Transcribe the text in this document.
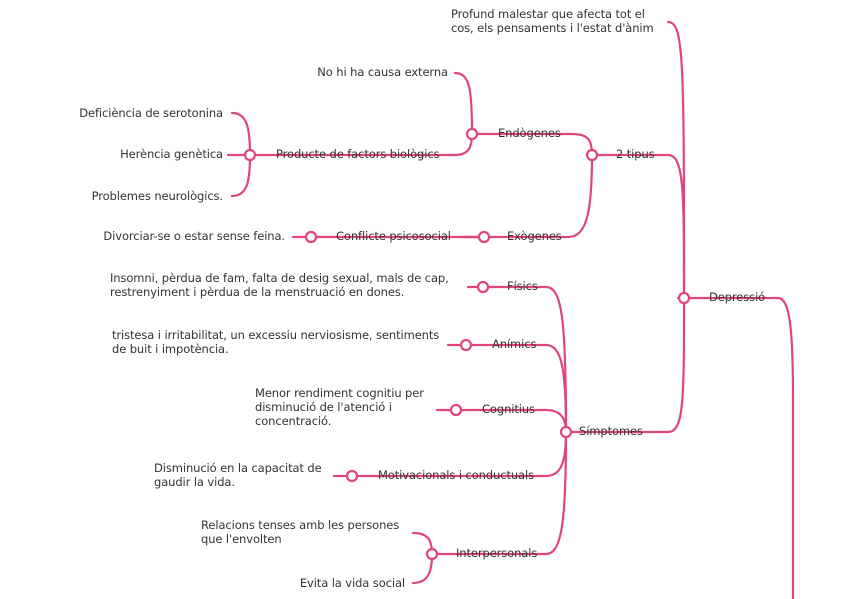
Depressió
Profund malestar que afecta tot el cos, els pensaments i l'estat d'ànim
2 tipus
Endògenes
No hi ha causa externa
Producte de factors biològics
Deficiència de serotonina
Herència genètica
Problemes neurològics.
Exògenes
Conflicte psicosocial
Divorciar-se o estar sense feina.
Símptomes
Físics
Insomni, pèrdua de fam, falta de desig sexual, mals de cap, restrenyiment i pèrdua de la menstruació en dones.
Anímics
tristesa i irritabilitat, un excessiu nerviosisme, sentiments de buit i impotència.
Cognitius
Menor rendiment cognitiu per disminució de l'atenció i concentració.
Motivacionals i conductuals
Disminució en la capacitat de gaudir la vida.
Interpersonals
Relacions tenses amb les persones que l'envolten
Evita la vida social
